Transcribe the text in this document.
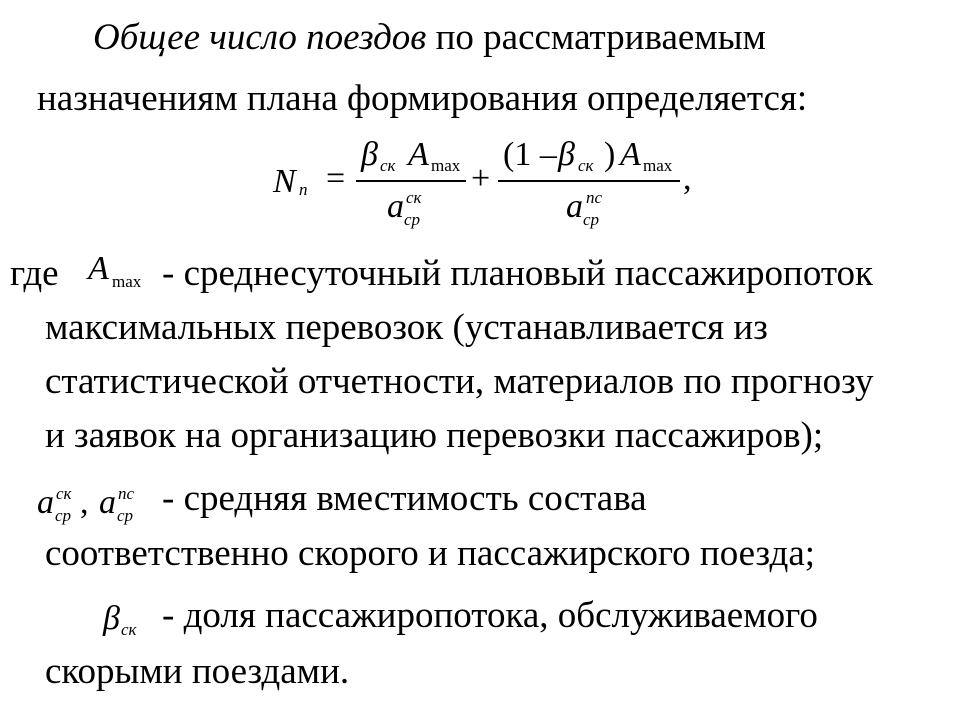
Общее число поездов по рассматриваемым
назначениям плана формирования определяется:
N п =
β ск A max
a ск
ср
+
(1 – β ск ) A max
a пс
ср
,
где A max - среднесуточный плановый пассажиропоток
максимальных перевозок (устанавливается из
статистической отчетности, материалов по прогнозу
и заявок на организацию перевозки пассажиров);
a ск
ср , a пс
ср - средняя вместимость состава
соответственно скорого и пассажирского поезда;
β ск - доля пассажиропотока, обслуживаемого
скорыми поездами.
